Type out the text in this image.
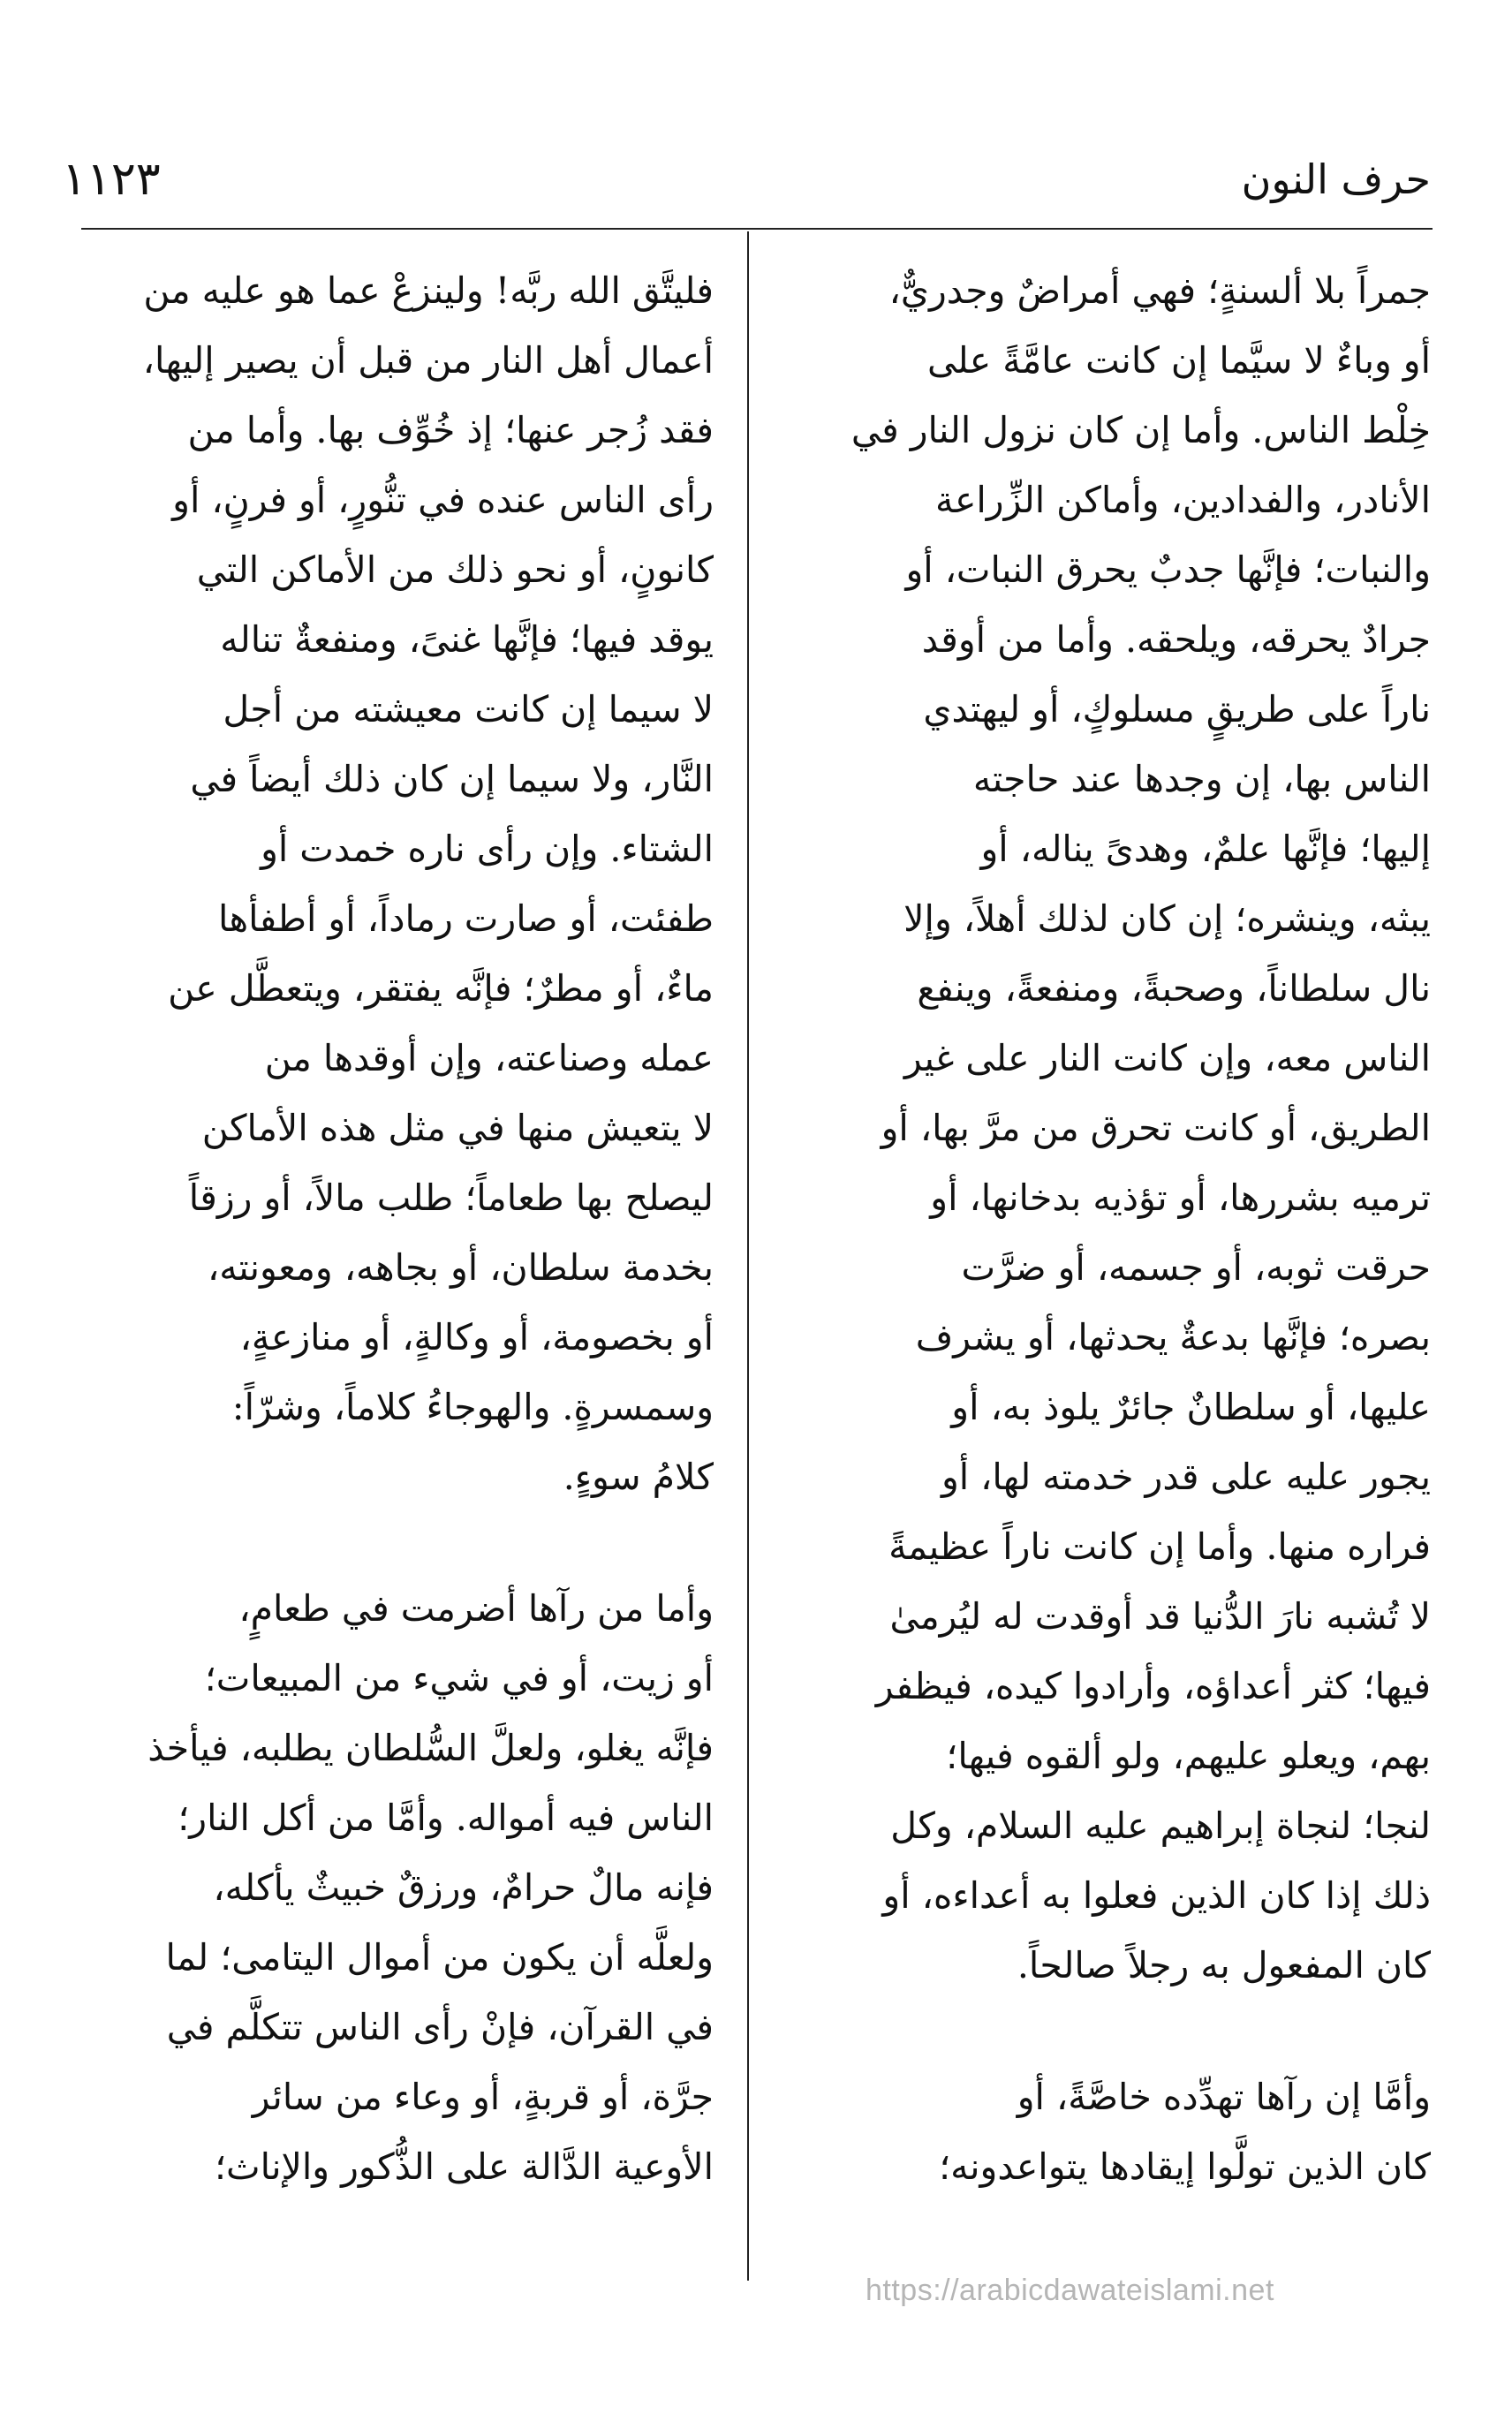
١١٢٣	حرف النون
جمراً بلا ألسنةٍ؛ فهي أمراضٌ وجدريٌّ،
أو وباءٌ لا سيَّما إن كانت عامَّةً على
خِلْط الناس. وأما إن كان نزول النار في
الأنادر، والفدادين، وأماكن الزِّراعة
والنبات؛ فإنَّها جدبٌ يحرق النبات، أو
جرادٌ يحرقه، ويلحقه. وأما من أوقد
ناراً على طريقٍ مسلوكٍ، أو ليهتدي
الناس بها، إن وجدها عند حاجته
إليها؛ فإنَّها علمٌ، وهدىً يناله، أو
يبثه، وينشره؛ إن كان لذلك أهلاً، وإلا
نال سلطاناً، وصحبةً، ومنفعةً، وينفع
الناس معه، وإن كانت النار على غير
الطريق، أو كانت تحرق من مرَّ بها، أو
ترميه بشررها، أو تؤذيه بدخانها، أو
حرقت ثوبه، أو جسمه، أو ضرَّت
بصره؛ فإنَّها بدعةٌ يحدثها، أو يشرف
عليها، أو سلطانٌ جائرٌ يلوذ به، أو
يجور عليه على قدر خدمته لها، أو
فراره منها. وأما إن كانت ناراً عظيمةً
لا تُشبه نارَ الدُّنيا قد أوقدت له ليُرمىٰ
فيها؛ كثر أعداؤه، وأرادوا كيده، فيظفر
بهم، ويعلو عليهم، ولو ألقوه فيها؛
لنجا؛ لنجاة إبراهيم عليه السلام، وكل
ذلك إذا كان الذين فعلوا به أعداءه، أو
كان المفعول به رجلاً صالحاً.
وأمَّا إن رآها تهدِّده خاصَّةً، أو
كان الذين تولَّوا إيقادها يتواعدونه؛
فليتَّق الله ربَّه! ولينزعْ عما هو عليه من
أعمال أهل النار من قبل أن يصير إليها،
فقد زُجر عنها؛ إذ خُوِّف بها. وأما من
رأى الناس عنده في تنُّورٍ، أو فرنٍ، أو
كانونٍ، أو نحو ذلك من الأماكن التي
يوقد فيها؛ فإنَّها غنىً، ومنفعةٌ تناله
لا سيما إن كانت معيشته من أجل
النَّار، ولا سيما إن كان ذلك أيضاً في
الشتاء. وإن رأى ناره خمدت أو
طفئت، أو صارت رماداً، أو أطفأها
ماءٌ، أو مطرٌ؛ فإنَّه يفتقر، ويتعطَّل عن
عمله وصناعته، وإن أوقدها من
لا يتعيش منها في مثل هذه الأماكن
ليصلح بها طعاماً؛ طلب مالاً، أو رزقاً
بخدمة سلطان، أو بجاهه، ومعونته،
أو بخصومة، أو وكالةٍ، أو منازعةٍ،
وسمسرةٍ. والهوجاءُ كلاماً، وشرّاً:
كلامُ سوءٍ.
وأما من رآها أضرمت في طعامٍ،
أو زيت، أو في شيء من المبيعات؛
فإنَّه يغلو، ولعلَّ السُّلطان يطلبه، فيأخذ
الناس فيه أمواله. وأمَّا من أكل النار؛
فإنه مالٌ حرامٌ، ورزقٌ خبيثٌ يأكله،
ولعلَّه أن يكون من أموال اليتامى؛ لما
في القرآن، فإنْ رأى الناس تتكلَّم في
جرَّة، أو قربةٍ، أو وعاء من سائر
الأوعية الدَّالة على الذُّكور والإناث؛
https://arabicdawateislami.net
